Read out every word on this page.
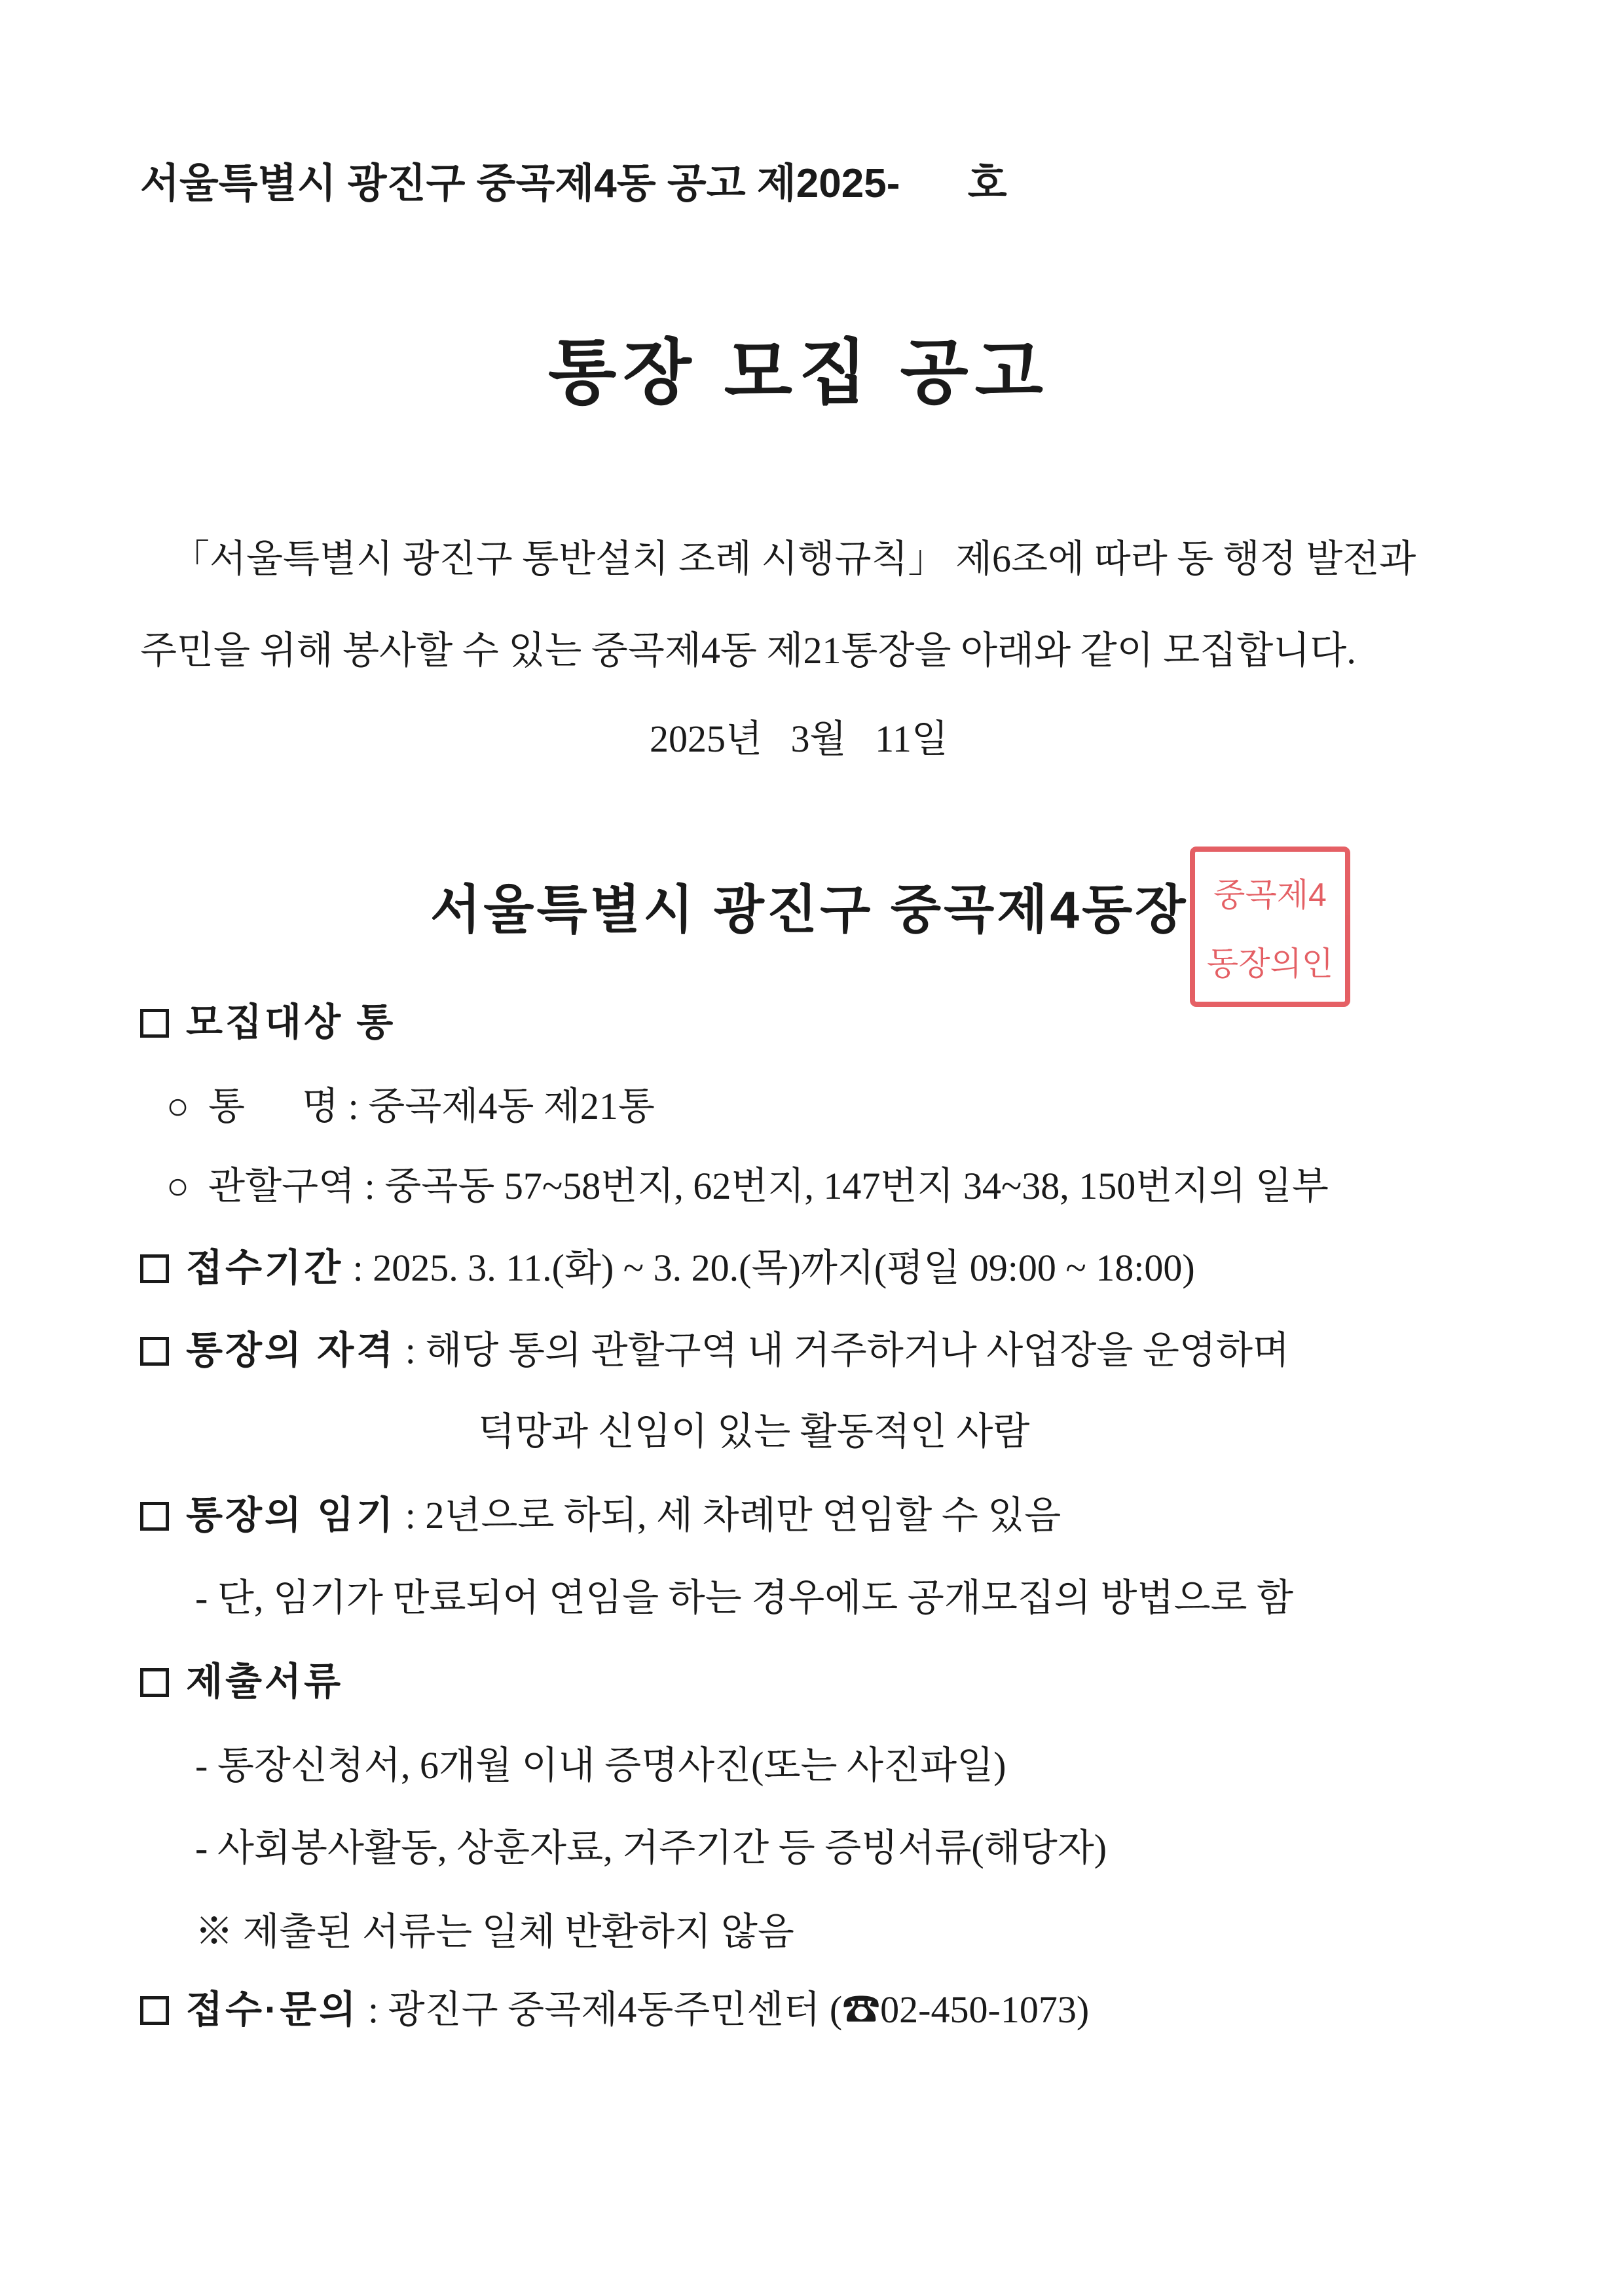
서울특별시 광진구 중곡제4동 공고 제2025-      호
통장 모집 공고
「서울특별시 광진구 통반설치 조례 시행규칙」 제6조에 따라 동 행정 발전과
주민을 위해 봉사할 수 있는 중곡제4동 제21통장을 아래와 같이 모집합니다.
2025년   3월   11일
서울특별시 광진구 중곡제4동장 중곡제4
동장의인
모집대상 통
○  통      명 : 중곡제4동 제21통
○  관할구역 : 중곡동 57~58번지, 62번지, 147번지 34~38, 150번지의 일부
접수기간 : 2025. 3. 11.(화) ~ 3. 20.(목)까지(평일 09:00 ~ 18:00)
통장의 자격 : 해당 통의 관할구역 내 거주하거나 사업장을 운영하며
덕망과 신임이 있는 활동적인 사람
통장의 임기 : 2년으로 하되, 세 차례만 연임할 수 있음
- 단, 임기가 만료되어 연임을 하는 경우에도 공개모집의 방법으로 함
제출서류
- 통장신청서, 6개월 이내 증명사진(또는 사진파일)
- 사회봉사활동, 상훈자료, 거주기간 등 증빙서류(해당자)
※ 제출된 서류는 일체 반환하지 않음
접수·문의 : 광진구 중곡제4동주민센터 (☎02-450-1073)
